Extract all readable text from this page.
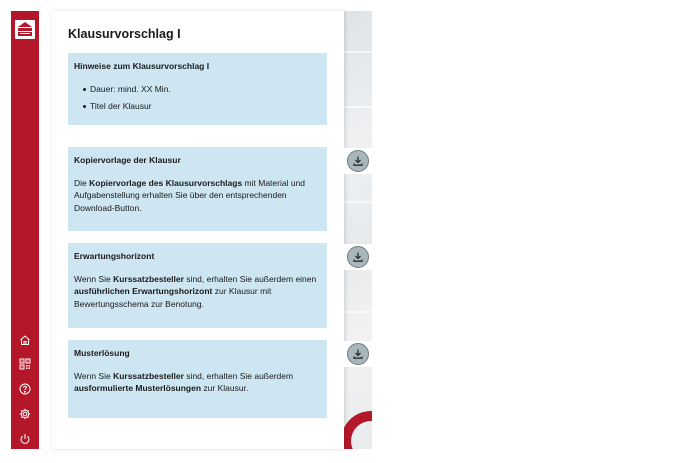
Klausurvorschlag I
Hinweise zum Klausurvorschlag I
Dauer: mind. XX Min.
Titel der Klausur
Kopiervorlage der Klausur

Die Kopiervorlage des Klausurvorschlags mit Material und Aufgabenstellung erhalten Sie über den entsprechenden Download-Button.

Erwartungshorizont

Wenn Sie Kurssatzbesteller sind, erhalten Sie außerdem einen ausführlichen Erwartungshorizont zur Klausur mit Bewertungsschema zur Benotung.

Musterlösung

Wenn Sie Kurssatzbesteller sind, erhalten Sie außerdem ausformulierte Musterlösungen zur Klausur.
